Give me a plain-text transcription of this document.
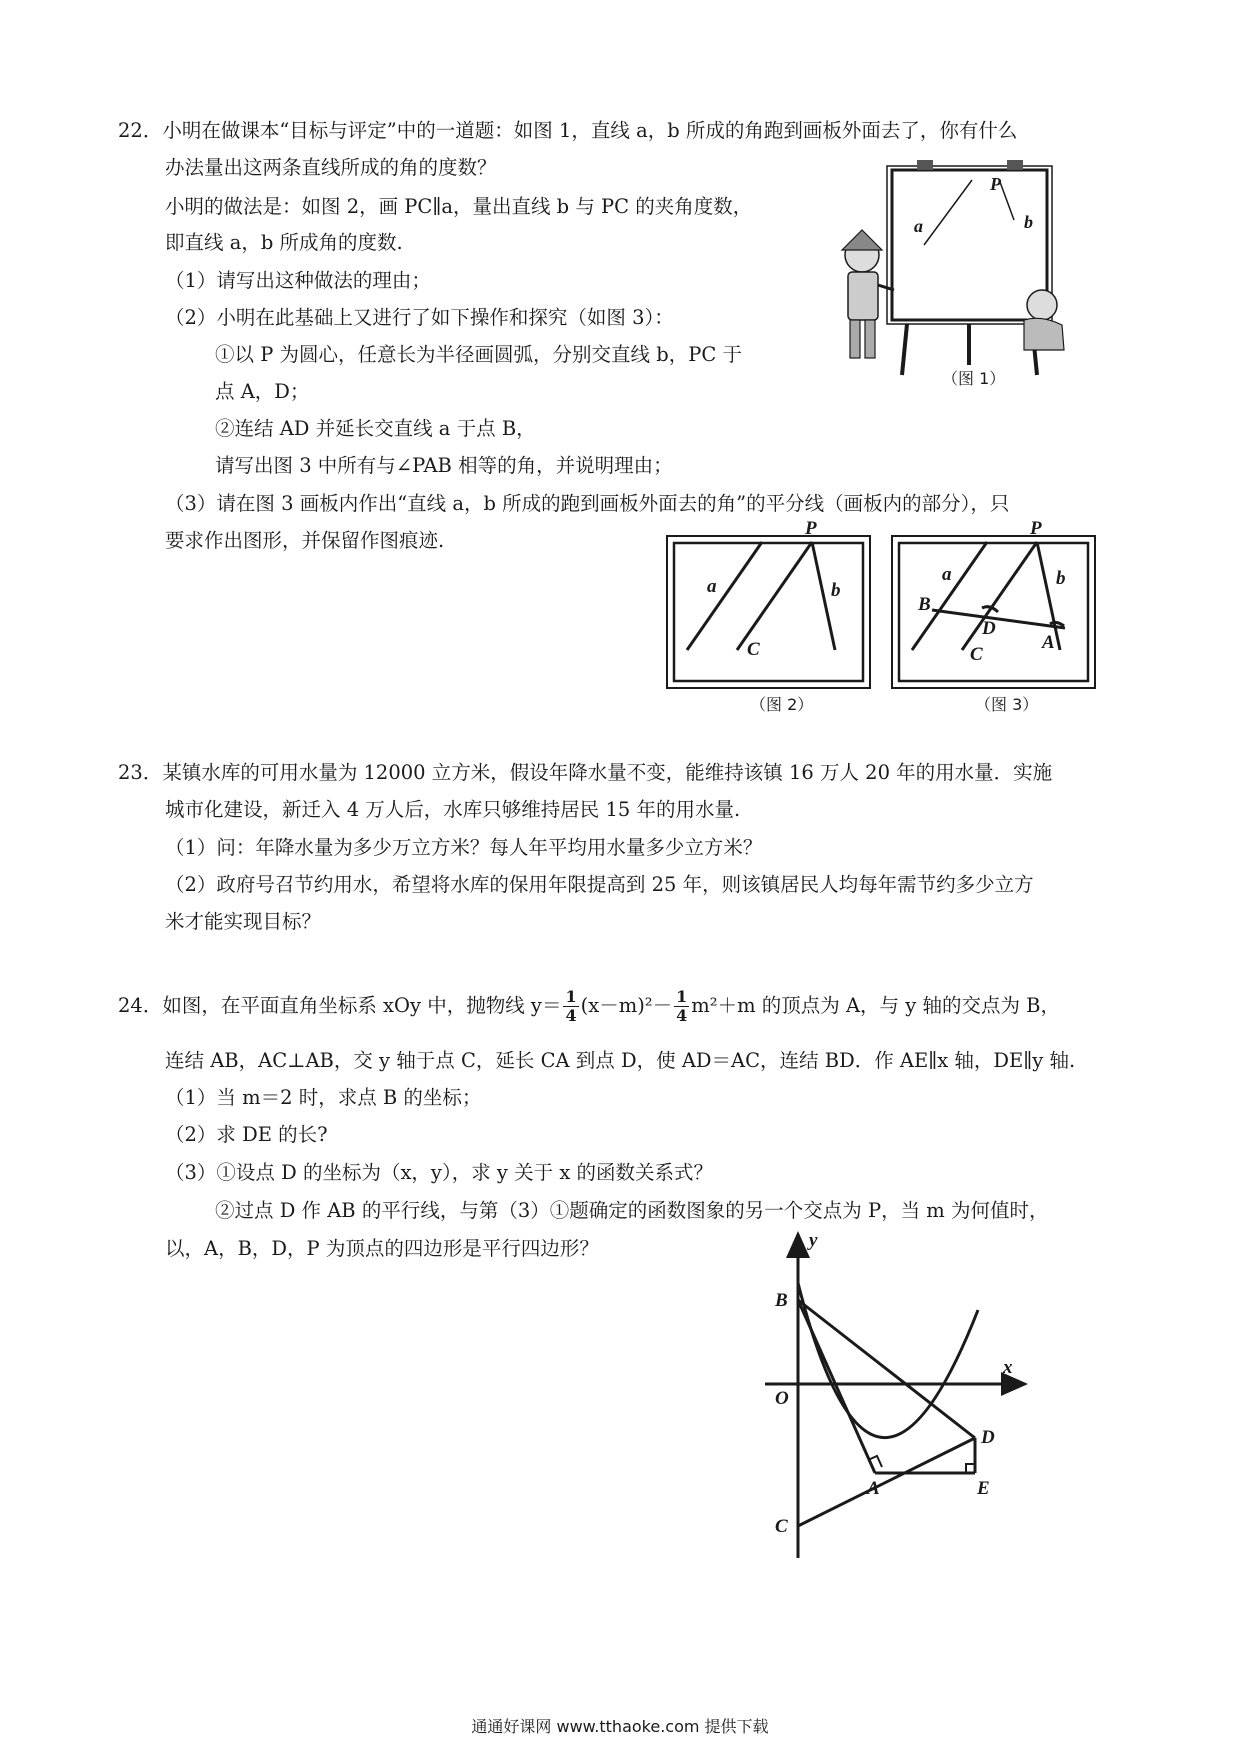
22．小明在做课本“目标与评定”中的一道题：如图 1，直线 a，b 所成的角跑到画板外面去了，你有什么
办法量出这两条直线所成的角的度数？
小明的做法是：如图 2，画 PC∥a，量出直线 b 与 PC 的夹角度数，
即直线 a，b 所成角的度数.
（1）请写出这种做法的理由；
（2）小明在此基础上又进行了如下操作和探究（如图 3）：
①以 P 为圆心，任意长为半径画圆弧，分别交直线 b，PC 于
点 A，D；
②连结 AD 并延长交直线 a 于点 B，
请写出图 3 中所有与∠PAB 相等的角，并说明理由；
（3）请在图 3 画板内作出“直线 a，b 所成的跑到画板外面去的角”的平分线（画板内的部分），只
要求作出图形，并保留作图痕迹.
a
P
b
（图 1）
P
a	b
C
（图 2）
P
a	b
B
D
A
C
（图 3）
23．某镇水库的可用水量为 12000 立方米，假设年降水量不变，能维持该镇 16 万人 20 年的用水量．实施
城市化建设，新迁入 4 万人后，水库只够维持居民 15 年的用水量.
（1）问：年降水量为多少万立方米？每人年平均用水量多少立方米？
（2）政府号召节约用水，希望将水库的保用年限提高到 25 年，则该镇居民人均每年需节约多少立方
米才能实现目标？
24．如图，在平面直角坐标系 xOy 中，抛物线 $y= \frac{1}{4} (x-m)^2- \frac{1}{4} m^2+m$ 的顶点为 A，与 y 轴的交点为 B，
连结 AB，AC⊥AB，交 y 轴于点 C，延长 CA 到点 D，使 AD＝AC，连结 BD．作 AE∥x 轴，DE∥y 轴.
（1）当 m＝2 时，求点 B 的坐标；
（2）求 DE 的长?
（3）①设点 D 的坐标为（x，y），求 y 关于 x 的函数关系式？
②过点 D 作 AB 的平行线，与第（3）①题确定的函数图象的另一个交点为 P，当 m 为何值时，
以，A，B，D，P 为顶点的四边形是平行四边形？	y
x
O
B
D
A	E
C
通通好课网 www.tthaoke.com 提供下载
